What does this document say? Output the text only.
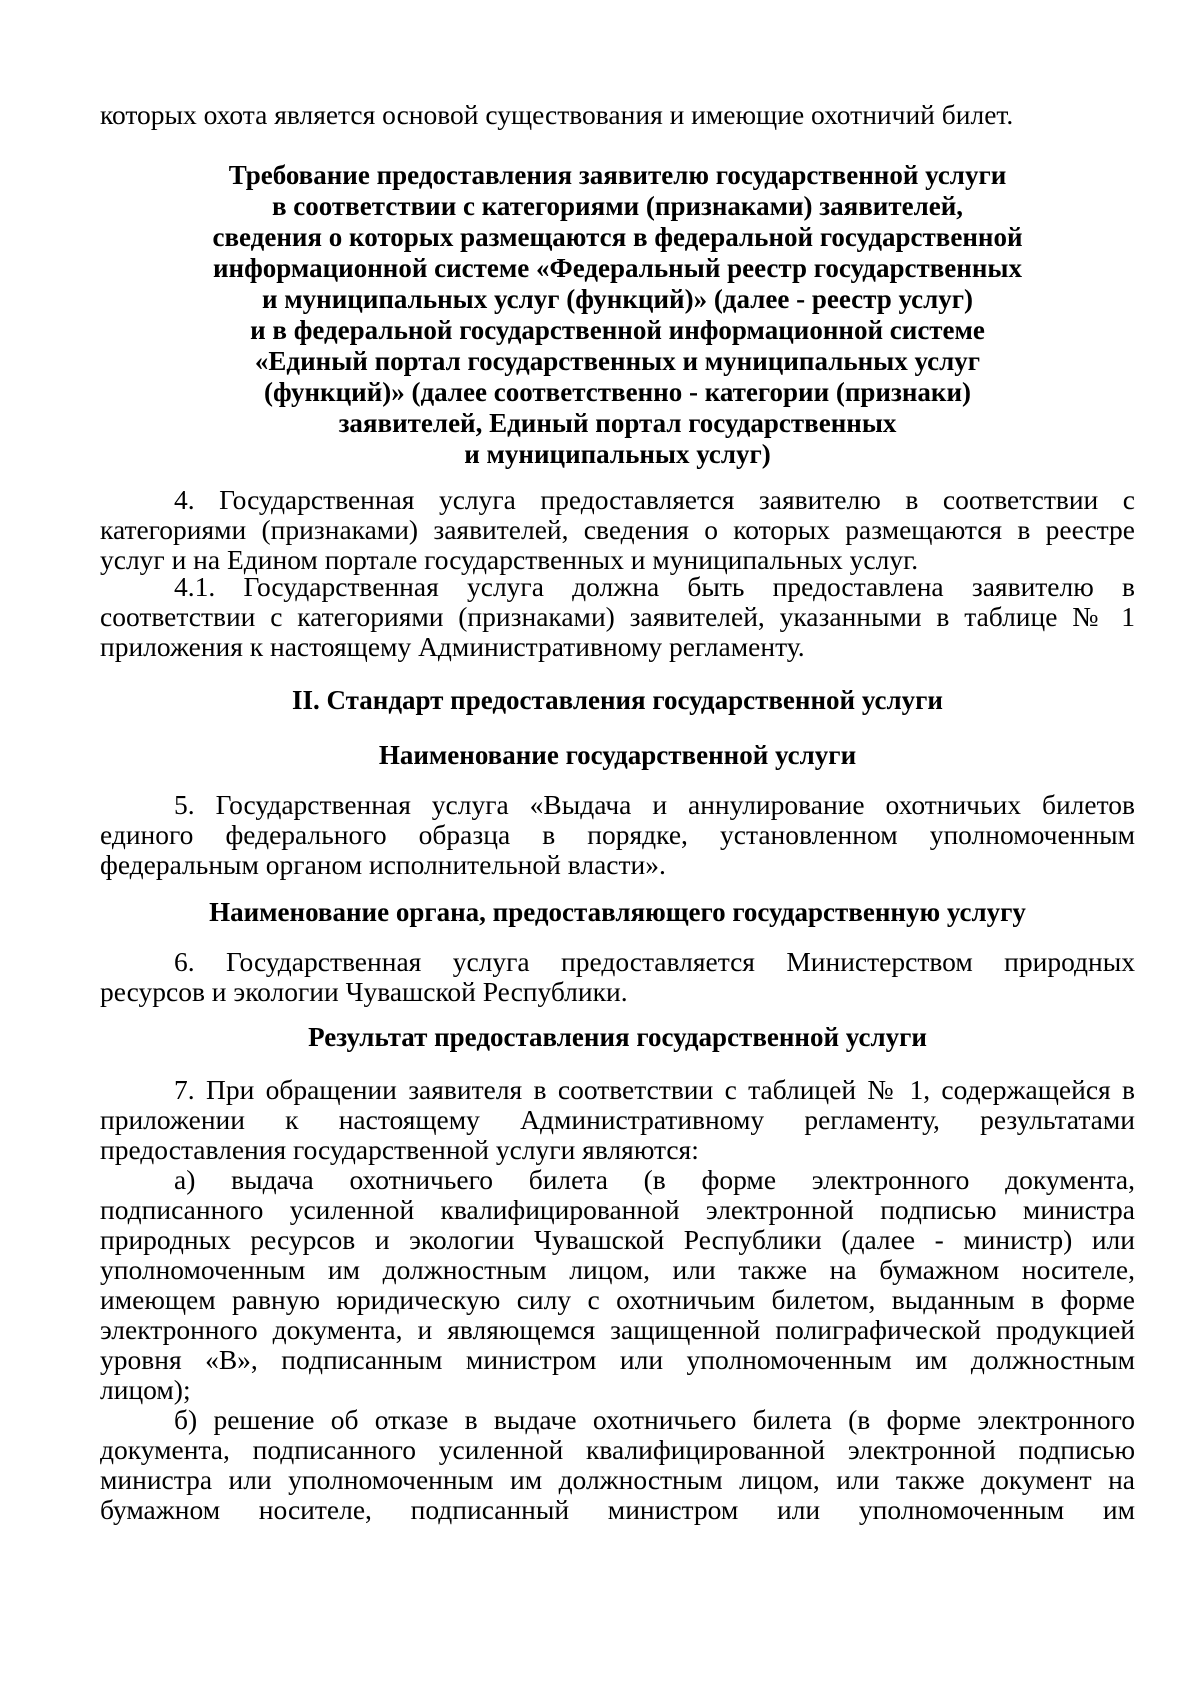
которых охота является основой существования и имеющие охотничий билет.
Требование предоставления заявителю государственной услуги
в соответствии с категориями (признаками) заявителей,
сведения о которых размещаются в федеральной государственной
информационной системе «Федеральный реестр государственных
и муниципальных услуг (функций)» (далее - реестр услуг)
и в федеральной государственной информационной системе
«Единый портал государственных и муниципальных услуг
(функций)» (далее соответственно - категории (признаки)
заявителей, Единый портал государственных
и муниципальных услуг)
4. Государственная услуга предоставляется заявителю в соответствии с
категориями (признаками) заявителей, сведения о которых размещаются в реестре
услуг и на Едином портале государственных и муниципальных услуг.
4.1. Государственная услуга должна быть предоставлена заявителю в
соответствии с категориями (признаками) заявителей, указанными в таблице № 1
приложения к настоящему Административному регламенту.
II. Стандарт предоставления государственной услуги
Наименование государственной услуги
5. Государственная услуга «Выдача и аннулирование охотничьих билетов
единого федерального образца в порядке, установленном уполномоченным
федеральным органом исполнительной власти».
Наименование органа, предоставляющего государственную услугу
6. Государственная услуга предоставляется Министерством природных
ресурсов и экологии Чувашской Республики.
Результат предоставления государственной услуги
7. При обращении заявителя в соответствии с таблицей № 1, содержащейся в
приложении к настоящему Административному регламенту, результатами
предоставления государственной услуги являются:
а) выдача охотничьего билета (в форме электронного документа,
подписанного усиленной квалифицированной электронной подписью министра
природных ресурсов и экологии Чувашской Республики (далее - министр) или
уполномоченным им должностным лицом, или также на бумажном носителе,
имеющем равную юридическую силу с охотничьим билетом, выданным в форме
электронного документа, и являющемся защищенной полиграфической продукцией
уровня «В», подписанным министром или уполномоченным им должностным
лицом);
б) решение об отказе в выдаче охотничьего билета (в форме электронного
документа, подписанного усиленной квалифицированной электронной подписью
министра или уполномоченным им должностным лицом, или также документ на
бумажном носителе, подписанный министром или уполномоченным им
